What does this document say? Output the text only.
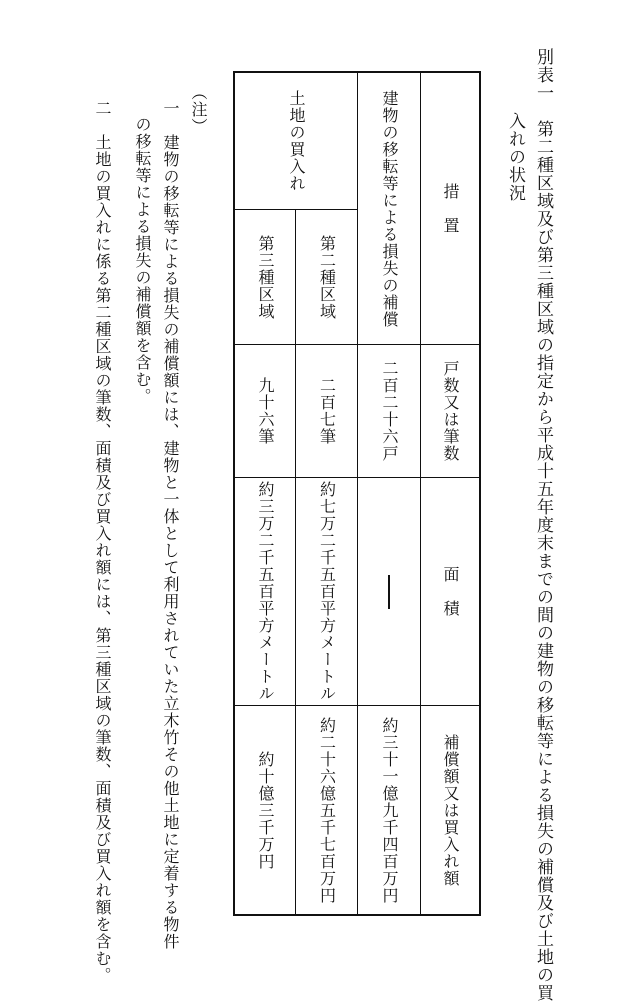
別表一　第二種区域及び第三種区域の指定から平成十五年度末までの間の建物の移転等による損失の補償及び土地の買
入れの状況
措　置
戸数又は筆数
面　積
補償額又は買入れ額
建物の移転等による損失の補償
二百二十六戸
約三十一億九千四百万円
土地の買入れ
第二種区域
二百七筆
約七万二千五百平方メートル
約二十六億五千七百万円
第三種区域
九十六筆
約三万二千五百平方メートル
約十億三千万円
（注）
一　建物の移転等による損失の補償額には、建物と一体として利用されていた立木竹その他土地に定着する物件
の移転等による損失の補償額を含む。
二　土地の買入れに係る第二種区域の筆数、面積及び買入れ額には、第三種区域の筆数、面積及び買入れ額を含む。
